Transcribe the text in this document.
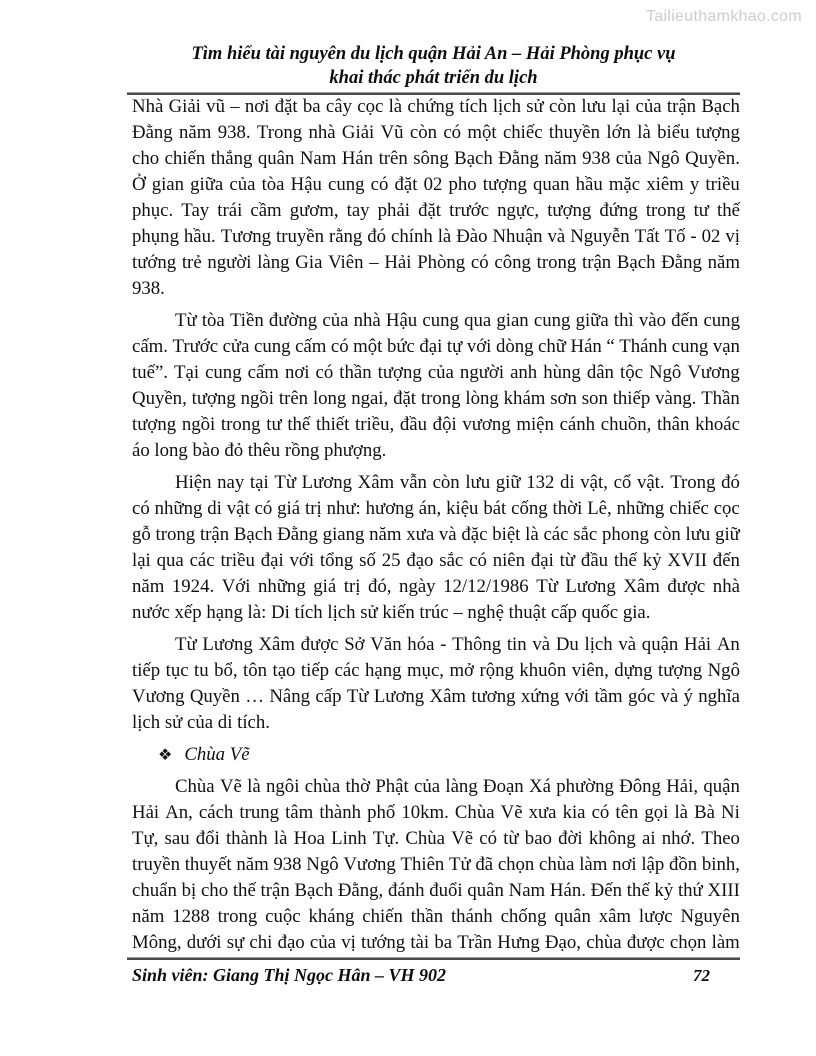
Tailieuthamkhao.com
Tìm hiểu tài nguyên du lịch quận Hải An – Hải Phòng phục vụ
khai thác phát triển du lịch
Nhà Giải vũ – nơi đặt ba cây cọc là chứng tích lịch sử còn lưu lại của trận Bạch
Đằng năm 938. Trong nhà Giải Vũ còn có một chiếc thuyền lớn là biểu tượng
cho chiến thắng quân Nam Hán trên sông Bạch Đằng năm 938 của Ngô Quyền.
Ở gian giữa của tòa Hậu cung có đặt 02 pho tượng quan hầu mặc xiêm y triều
phục. Tay trái cầm gươm, tay phải đặt trước ngực, tượng đứng trong tư thế
phụng hầu. Tương truyền rằng đó chính là Đào Nhuận và Nguyễn Tất Tố - 02 vị
tướng trẻ người làng Gia Viên – Hải Phòng có công trong trận Bạch Đằng năm
938.
Từ tòa Tiền đường của nhà Hậu cung qua gian cung giữa thì vào đến cung
cấm. Trước cửa cung cấm có một bức đại tự với dòng chữ Hán “ Thánh cung vạn
tuế”. Tại cung cấm nơi có thần tượng của người anh hùng dân tộc Ngô Vương
Quyền, tượng ngồi trên long ngai, đặt trong lòng khám sơn son thiếp vàng. Thần
tượng ngồi trong tư thế thiết triều, đầu đội vương miện cánh chuồn, thân khoác
áo long bào đỏ thêu rồng phượng.
Hiện nay tại Từ Lương Xâm vẫn còn lưu giữ 132 di vật, cổ vật. Trong đó
có những di vật có giá trị như: hương án, kiệu bát cống thời Lê, những chiếc cọc
gỗ trong trận Bạch Đằng giang năm xưa và đặc biệt là các sắc phong còn lưu giữ
lại qua các triều đại với tổng số 25 đạo sắc có niên đại từ đầu thế kỷ XVII đến
năm 1924. Với những giá trị đó, ngày 12/12/1986 Từ Lương Xâm được nhà
nước xếp hạng là: Di tích lịch sử kiến trúc – nghệ thuật cấp quốc gia.
Từ Lương Xâm được Sở Văn hóa - Thông tin và Du lịch và quận Hải An
tiếp tục tu bổ, tôn tạo tiếp các hạng mục, mở rộng khuôn viên, dựng tượng Ngô
Vương Quyền … Nâng cấp Từ Lương Xâm tương xứng với tầm góc và ý nghĩa
lịch sử của di tích.
❖ Chùa Vẽ
Chùa Vẽ là ngôi chùa thờ Phật của làng Đoạn Xá phường Đông Hải, quận
Hải An, cách trung tâm thành phố 10km. Chùa Vẽ xưa kia có tên gọi là Bà Ni
Tự, sau đổi thành là Hoa Linh Tự. Chùa Vẽ có từ bao đời không ai nhớ. Theo
truyền thuyết năm 938 Ngô Vương Thiên Tử đã chọn chùa làm nơi lập đồn binh,
chuẩn bị cho thế trận Bạch Đằng, đánh đuổi quân Nam Hán. Đến thế kỷ thứ XIII
năm 1288 trong cuộc kháng chiến thần thánh chống quân xâm lược Nguyên
Mông, dưới sự chi đạo của vị tướng tài ba Trần Hưng Đạo, chùa được chọn làm
Sinh viên: Giang Thị Ngọc Hân – VH 902	72
